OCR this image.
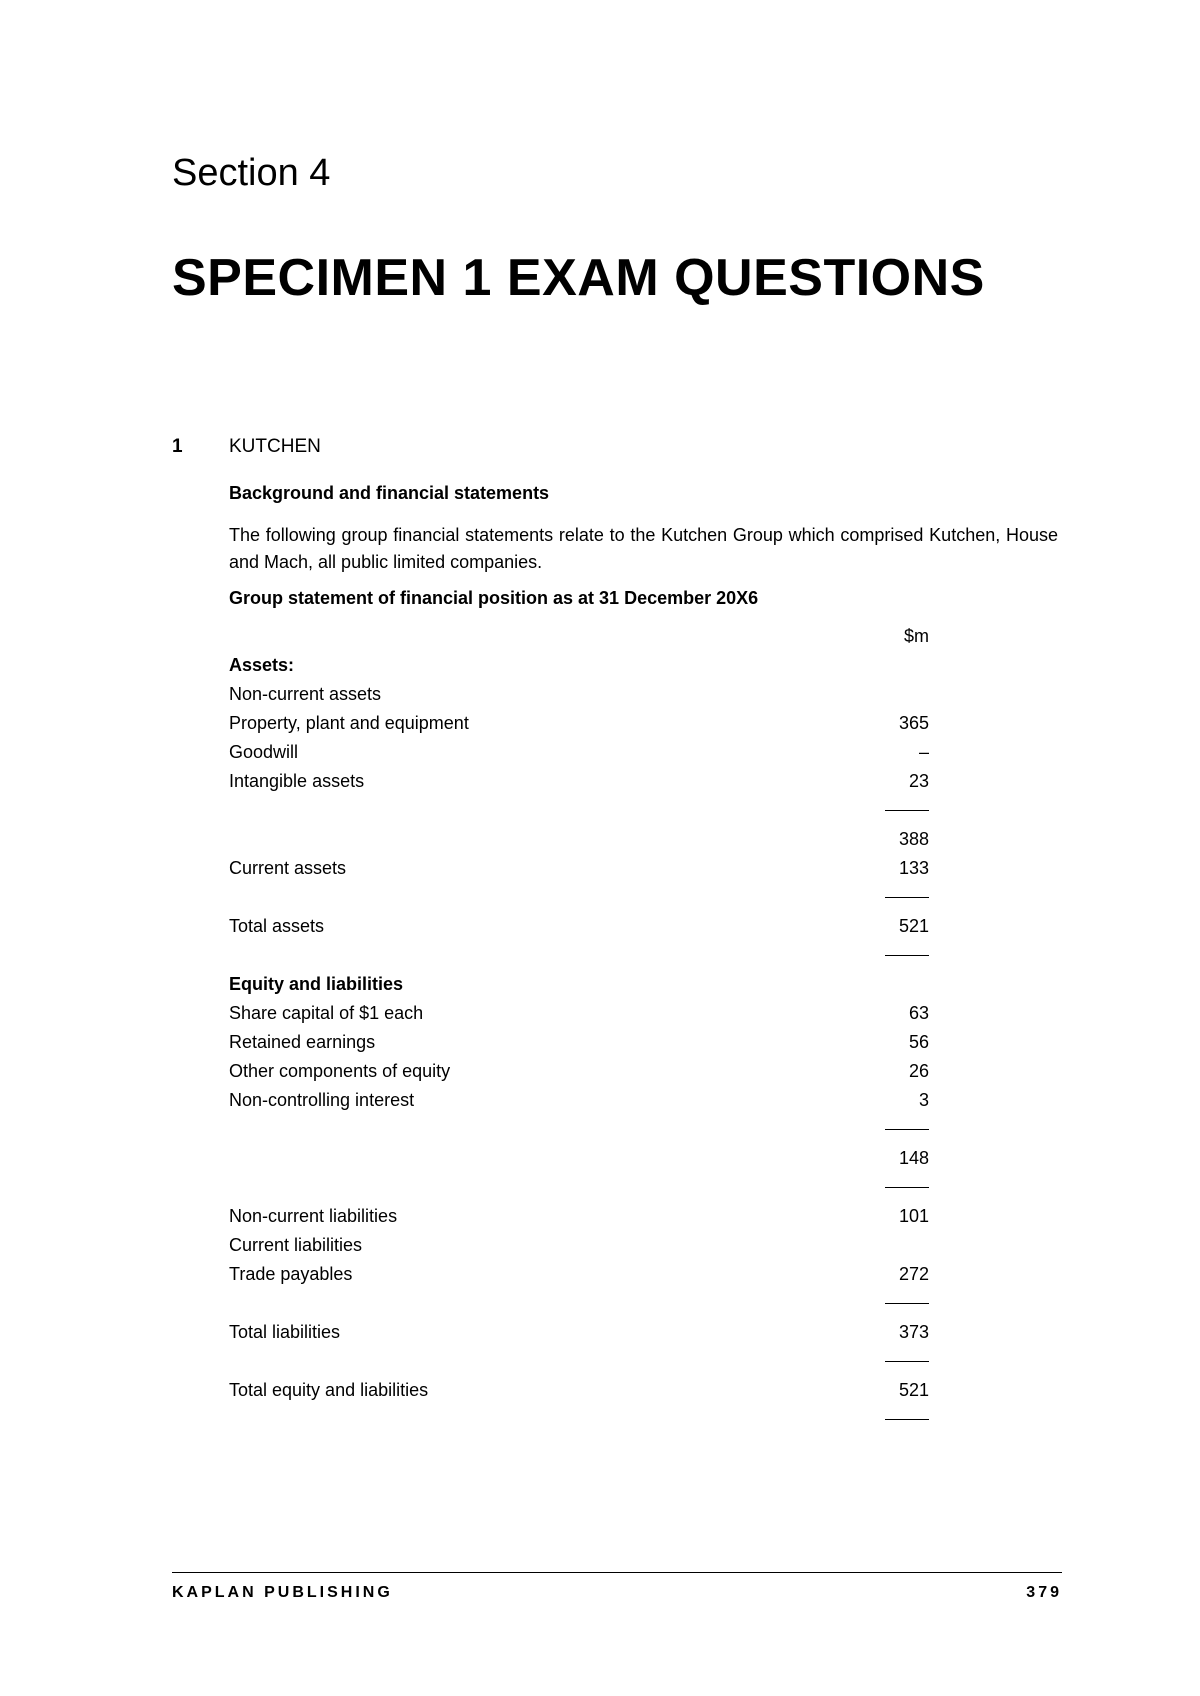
Section 4
SPECIMEN 1 EXAM QUESTIONS
1 KUTCHEN
Background and financial statements
The following group financial statements relate to the Kutchen Group which comprised Kutchen, House and Mach, all public limited companies.
Group statement of financial position as at 31 December 20X6
$m
Assets:
Non-current assets
Property, plant and equipment	365
Goodwill	–
Intangible assets	23
388
Current assets	133
Total assets	521
Equity and liabilities
Share capital of $1 each	63
Retained earnings	56
Other components of equity	26
Non-controlling interest	3
148
Non-current liabilities	101
Current liabilities
Trade payables	272
Total liabilities	373
Total equity and liabilities	521
KAPLAN PUBLISHING	379
